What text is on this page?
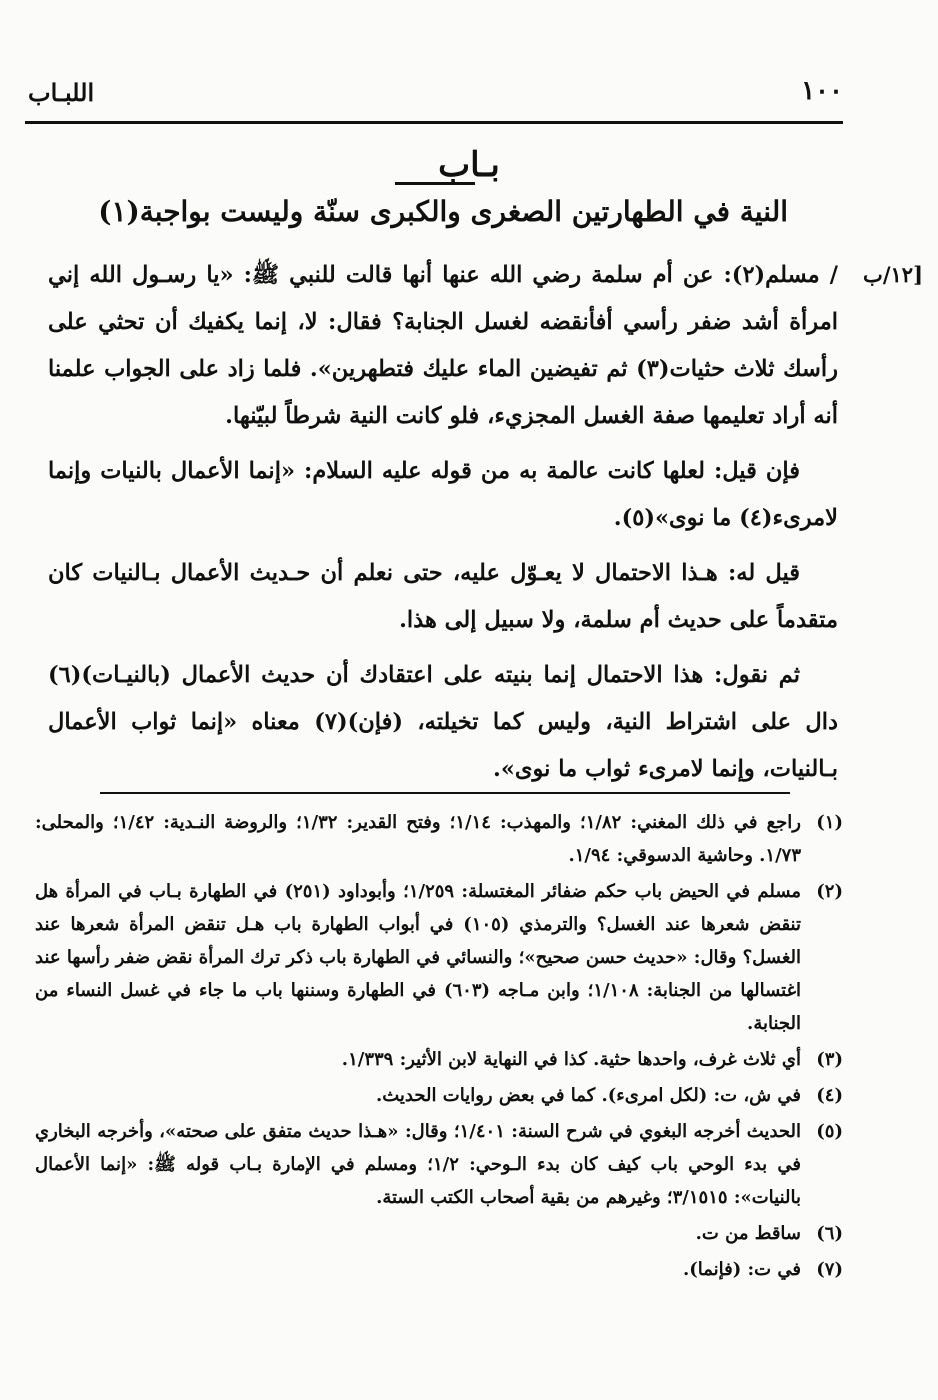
١٠٠
اللبـاب
بـاب
النية في الطهارتين الصغرى والكبرى سنّة وليست بواجبة(١)
١٢/ب]

/ مسلم(٢): عن أم سلمة رضي الله عنها أنها قالت للنبي ﷺ: «يا رسـول الله إني امرأة أشد ضفر رأسي أفأنقضه لغسل الجنابة؟ فقال: لا، إنما يكفيك أن تحثي على رأسك ثلاث حثيات(٣) ثم تفيضين الماء عليك فتطهرين». فلما زاد على الجواب علمنا أنه أراد تعليمها صفة الغسل المجزيء، فلو كانت النية شرطاً لبيّنها.

فإن قيل: لعلها كانت عالمة به من قوله عليه السلام: «إنما الأعمال بالنيات وإنما لامرىء(٤) ما نوى»(٥).

قيل له: هـذا الاحتمال لا يعـوّل عليه، حتى نعلم أن حـديث الأعمال بـالنيات كان متقدماً على حديث أم سلمة، ولا سبيل إلى هذا.

ثم نقول: هذا الاحتمال إنما بنيته على اعتقادك أن حديث الأعمال (بالنيـات)(٦) دال على اشتراط النية، وليس كما تخيلته، (فإن)(٧) معناه «إنما ثواب الأعمال بـالنيات، وإنما لامرىء ثواب ما نوى».

(١)
راجع في ذلك المغني: ١/٨٢؛ والمهذب: ١/١٤؛ وفتح القدير: ١/٣٢؛ والروضة النـدية: ١/٤٢؛ والمحلى: ١/٧٣. وحاشية الدسوقي: ١/٩٤.
(٢)
مسلم في الحيض باب حكم ضفائر المغتسلة: ١/٢٥٩؛ وأبوداود (٢٥١) في الطهارة بـاب في المرأة هل تنقض شعرها عند الغسل؟ والترمذي (١٠٥) في أبواب الطهارة باب هـل تنقض المرأة شعرها عند الغسل؟ وقال: «حديث حسن صحيح»؛ والنسائي في الطهارة باب ذكر ترك المرأة نقض ضفر رأسها عند اغتسالها من الجنابة: ١/١٠٨؛ وابن مـاجه (٦٠٣) في الطهارة وسننها باب ما جاء في غسل النساء من الجنابة.
(٣)
أي ثلاث غرف، واحدها حثية. كذا في النهاية لابن الأثير: ١/٣٣٩.
(٤)
في ش، ت: (لكل امرىء). كما في بعض روايات الحديث.
(٥)
الحديث أخرجه البغوي في شرح السنة: ١/٤٠١؛ وقال: «هـذا حديث متفق على صحته»، وأخرجه البخاري في بدء الوحي باب كيف كان بدء الـوحي: ١/٢؛ ومسلم في الإمارة بـاب قوله ﷺ: «إنما الأعمال بالنيات»: ٣/١٥١٥؛ وغيرهم من بقية أصحاب الكتب الستة.
(٦)
ساقط من ت.
(٧)
في ت: (فإنما).
